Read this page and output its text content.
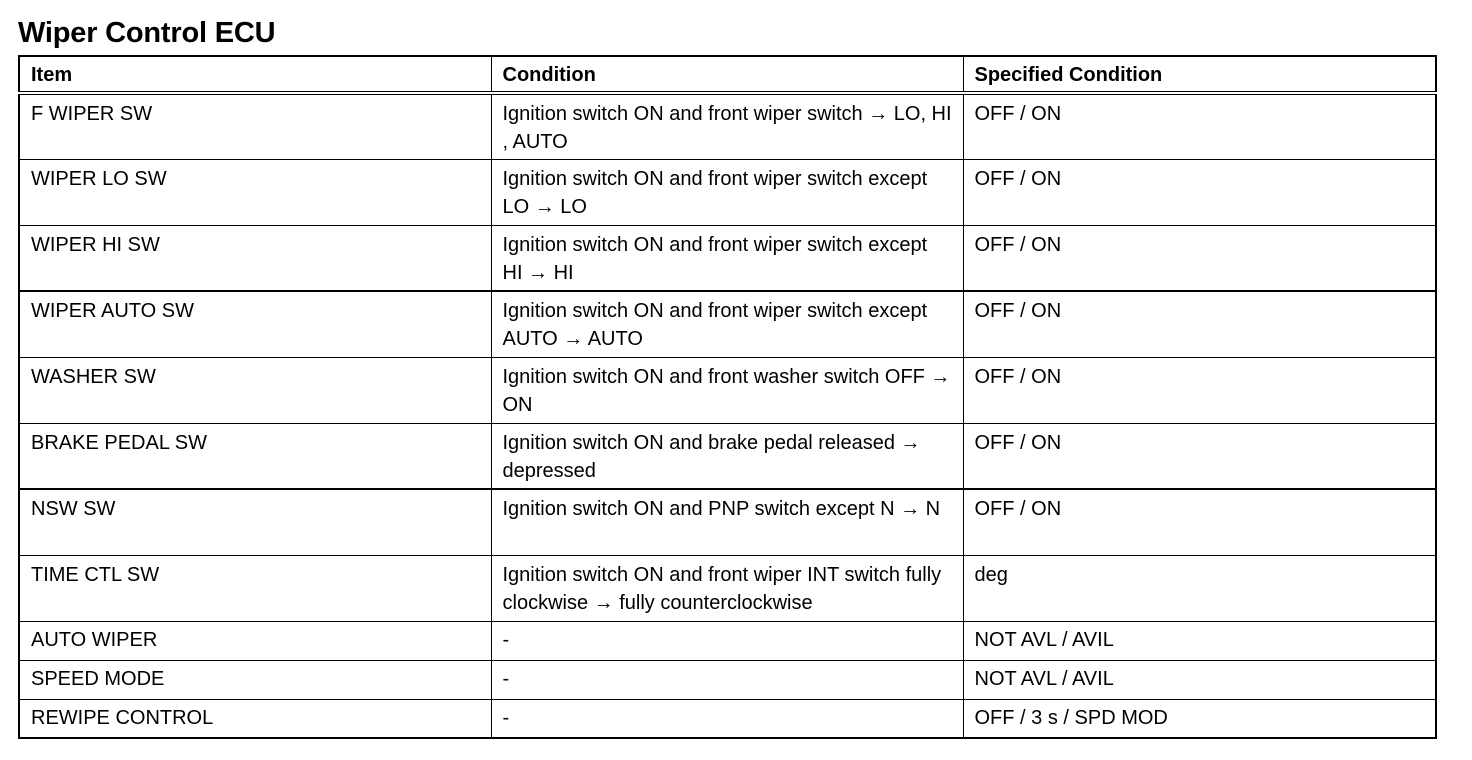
Wiper Control ECU
Item	Condition	Specified Condition
F WIPER SW	Ignition switch ON and front wiper switch → LO, HI , AUTO	OFF / ON
WIPER LO SW	Ignition switch ON and front wiper switch except LO → LO	OFF / ON
WIPER HI SW	Ignition switch ON and front wiper switch except HI → HI	OFF / ON
WIPER AUTO SW	Ignition switch ON and front wiper switch except AUTO → AUTO	OFF / ON
WASHER SW	Ignition switch ON and front washer switch OFF → ON	OFF / ON
BRAKE PEDAL SW	Ignition switch ON and brake pedal released → depressed	OFF / ON
NSW SW	Ignition switch ON and PNP switch except N → N	OFF / ON
TIME CTL SW	Ignition switch ON and front wiper INT switch fully clockwise → fully counterclockwise	deg
AUTO WIPER	-	NOT AVL / AVIL
SPEED MODE	-	NOT AVL / AVIL
REWIPE CONTROL	-	OFF / 3 s / SPD MOD
